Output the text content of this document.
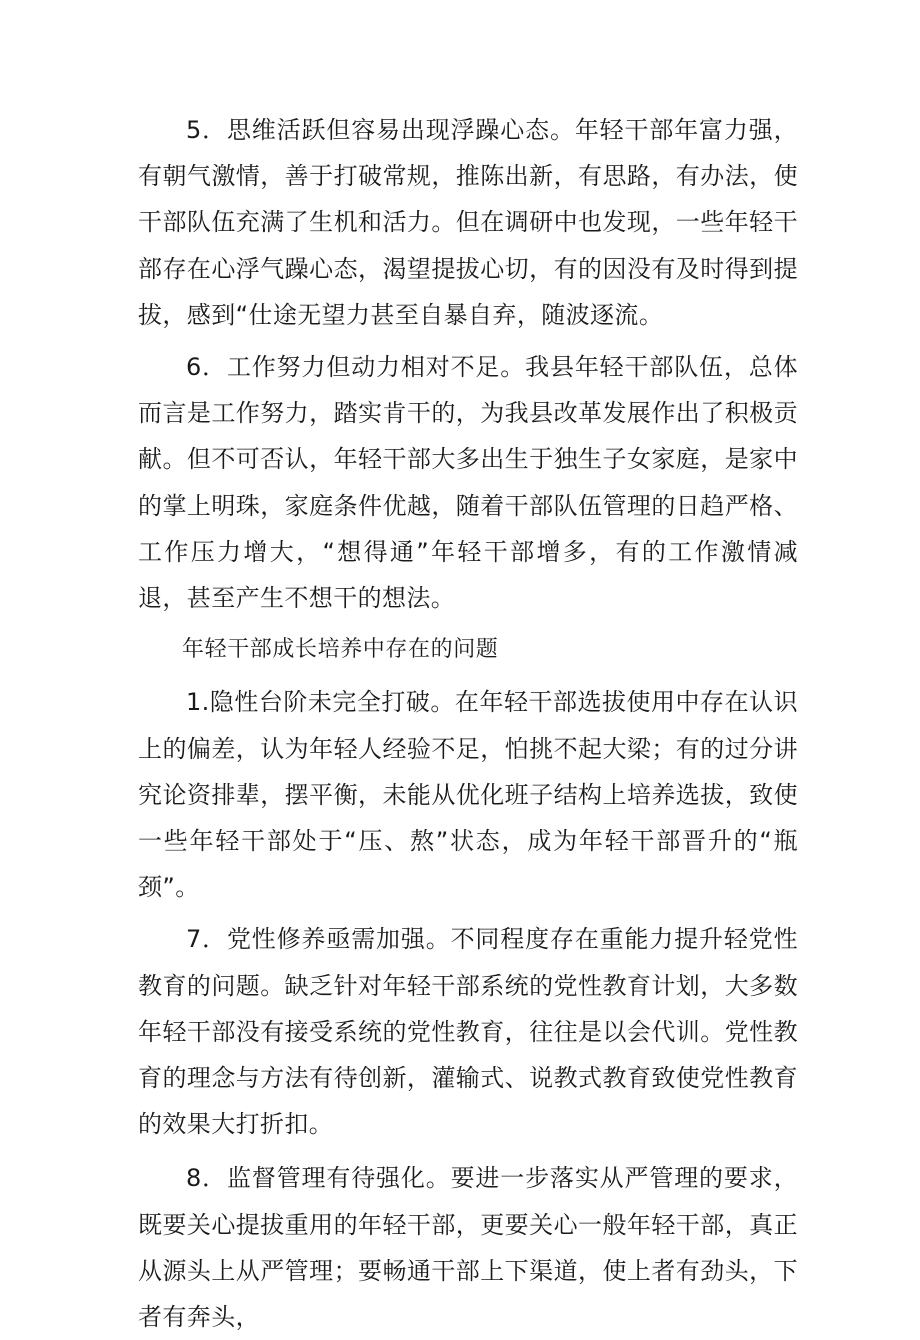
5．思维活跃但容易出现浮躁心态。年轻干部年富力强，有朝气激情，善于打破常规，推陈出新，有思路，有办法，使干部队伍充满了生机和活力。但在调研中也发现，一些年轻干部存在心浮气躁心态，渴望提拔心切，有的因没有及时得到提拔，感到“仕途无望力甚至自暴自弃，随波逐流。

6．工作努力但动力相对不足。我县年轻干部队伍，总体而言是工作努力，踏实肯干的，为我县改革发展作出了积极贡献。但不可否认，年轻干部大多出生于独生子女家庭，是家中的掌上明珠，家庭条件优越，随着干部队伍管理的日趋严格、工作压力增大，“想得通”年轻干部增多，有的工作激情减退，甚至产生不想干的想法。

年轻干部成长培养中存在的问题

1.隐性台阶未完全打破。在年轻干部选拔使用中存在认识上的偏差，认为年轻人经验不足，怕挑不起大梁；有的过分讲究论资排辈，摆平衡，未能从优化班子结构上培养选拔，致使一些年轻干部处于“压、熬”状态，成为年轻干部晋升的“瓶颈”。

7．党性修养亟需加强。不同程度存在重能力提升轻党性教育的问题。缺乏针对年轻干部系统的党性教育计划，大多数年轻干部没有接受系统的党性教育，往往是以会代训。党性教育的理念与方法有待创新，灌输式、说教式教育致使党性教育的效果大打折扣。

8．监督管理有待强化。要进一步落实从严管理的要求，既要关心提拔重用的年轻干部，更要关心一般年轻干部，真正从源头上从严管理；要畅通干部上下渠道，使上者有劲头，下者有奔头，
